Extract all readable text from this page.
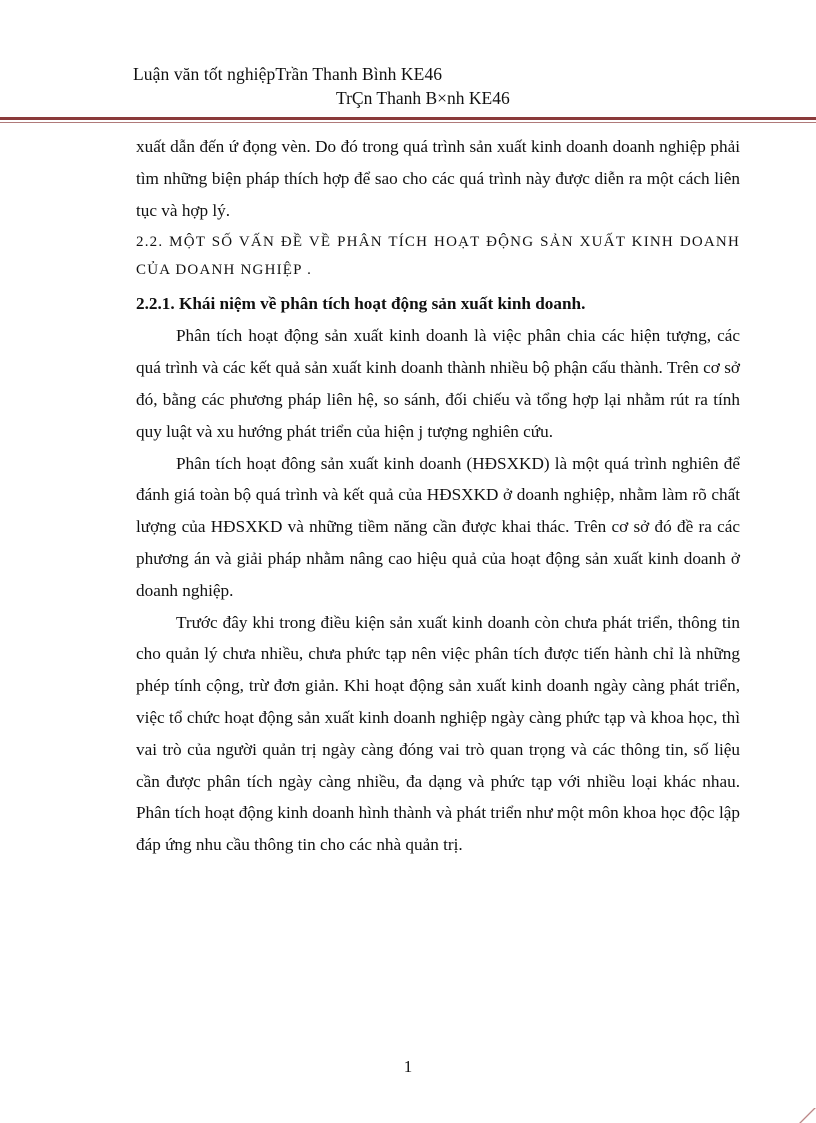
Luận văn tốt nghiệpTrần Thanh Bình KE46
TrÇn Thanh B×nh KE46

xuất dẫn đến ứ đọng vèn. Do đó trong quá trình sản xuất kinh doanh doanh nghiệp phải tìm những biện pháp thích hợp để sao cho các quá trình này được diễn ra một cách liên tục và hợp lý.

2.2. MỘT SỐ VẤN ĐỀ VỀ PHÂN TÍCH HOẠT ĐỘNG SẢN XUẤT KINH DOANH CỦA DOANH NGHIỆP .

2.2.1. Khái niệm về phân tích hoạt động sản xuất kinh doanh.

Phân tích hoạt động sản xuất kinh doanh là việc phân chia các hiện tượng, các quá trình và các kết quả sản xuất kinh doanh thành nhiều bộ phận cấu thành. Trên cơ sở đó, bằng các phương pháp liên hệ, so sánh, đối chiếu và tổng hợp lại nhằm rút ra tính quy luật và xu hướng phát triển của hiện j tượng nghiên cứu.

Phân tích hoạt đông sản xuất kinh doanh (HĐSXKD) là một quá trình nghiên để đánh giá toàn bộ quá trình và kết quả của HĐSXKD ở doanh nghiệp, nhằm làm rõ chất lượng của HĐSXKD và những tiềm năng cần được khai thác. Trên cơ sở đó đề ra các phương án và giải pháp nhằm nâng cao hiệu quả của hoạt động sản xuất kinh doanh ở doanh nghiệp.

Trước đây khi trong điều kiện sản xuất kinh doanh còn chưa phát triển, thông tin cho quản lý chưa nhiều, chưa phức tạp nên việc phân tích được tiến hành chỉ là những phép tính cộng, trừ đơn giản. Khi hoạt động sản xuất kinh doanh ngày càng phát triển, việc tổ chức hoạt động sản xuất kinh doanh nghiệp ngày càng phức tạp và khoa học, thì vai trò của người quản trị ngày càng đóng vai trò quan trọng và các thông tin, số liệu cần được phân tích ngày càng nhiều, đa dạng và phức tạp với nhiều loại khác nhau. Phân tích hoạt động kinh doanh hình thành và phát triển như một môn khoa học độc lập đáp ứng nhu cầu thông tin cho các nhà quản trị.

1
